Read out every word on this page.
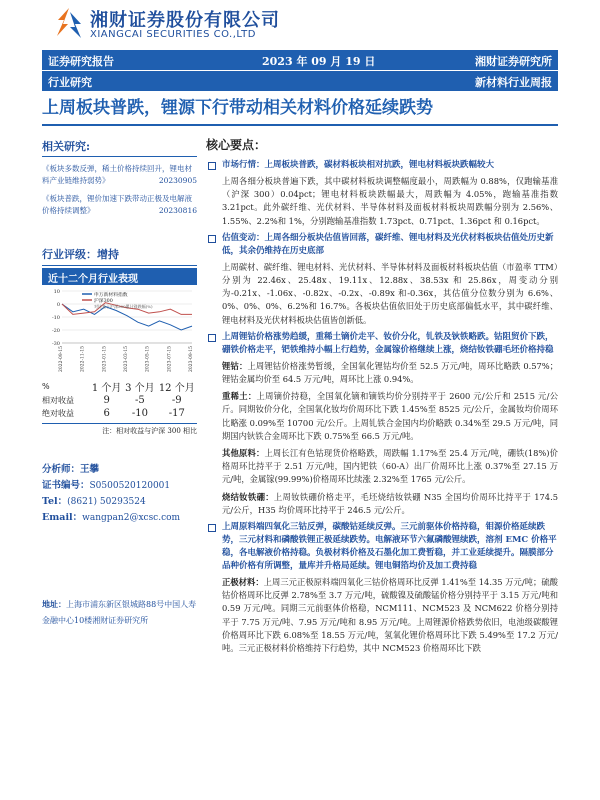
湘财证券股份有限公司
XIANGCAI SECURITIES CO.,LTD
证券研究报告	2023 年 09 月 19 日	湘财证券研究所
行业研究	新材料行业周报
上周板块普跌，锂源下行带动相关材料价格延续跌势
相关研究:
《板块多数反弹，稀土价格持续回升，锂电材料产业链维持弱势》	20230905
《板块普跌，锂价加速下跌带动正极及电解液价格持续调整》	20230816
行业评级：增持
近十二个月行业表现
10
0
-10
-20
-30
2022-09-15	2022-11-15	2023-01-15	2023-03-15	2023-05-15	2023-07-15	2023-09-15
申万新材料指数
沪深300
对比基于沪深300累计涨跌幅(%)
%	1 个月	3 个月	12 个月
相对收益	9	-5	-9
绝对收益	6	-10	-17
注：相对收益与沪深 300 相比
分析师：王攀
证书编号：S0500520120001
Tel：(8621) 50293524
Email：wangpan2@xcsc.com
地址：上海市浦东新区银城路88号中国人寿金融中心10楼湘财证券研究所
核心要点：
市场行情：上周板块普跌，碳材料板块相对抗跌，锂电材料板块跌幅较大
上周各细分板块普遍下跌，其中碳材料板块调整幅度最小，周跌幅为 0.88%，仅跑输基准（沪深 300）0.04pct；锂电材料板块跌幅最大，周跌幅为 4.05%，跑输基准指数 3.21pct。此外碳纤维、光伏材料、半导体材料及面板材料板块周跌幅分别为 2.56%、1.55%、2.2%和 1%，分别跑输基准指数 1.73pct、0.71pct、1.36pct 和 0.16pct。
估值变动：上周各细分板块估值皆回落，碳纤维、锂电材料及光伏材料板块估值处历史新低，其余仍维持在历史底部
上周碳材、碳纤维、锂电材料、光伏材料、半导体材料及面板材料板块估值（市盈率 TTM）分别为 22.46x、25.48x、19.11x、12.88x、38.53x 和 25.86x，周变动分别为-0.21x、-1.06x、-0.82x、-0.2x、-0.89x 和-0.36x，其估值分位数分别为 6.6%、0%、0%、0%、6.2%和 16.7%。各板块估值依旧处于历史底部偏低水平，其中碳纤维、锂电材料及光伏材料板块估值皆创新低。
上周锂钴价格涨势趋缓，重稀土镝价走平、钕价分化，钆铁及钬铁略跌。钴阻贸价下跌，硼铁价格走平，钯铁维持小幅上行趋势，金属镓价格继续上涨，烧结钕铁硼毛坯价格持稳
锂钴：上周锂钴价格涨势暂缓，全国氧化锂钴均价至 52.5 万元/吨，周环比略跌 0.57%；锂钴金属均价至 64.5 万元/吨，周环比上涨 0.94%。
重稀土：上周镝价持稳，全国氧化镝和镝铁均价分别持平于 2600 元/公斤和 2515 元/公斤。同期钕价分化，全国氧化钕均价周环比下跌 1.45%至 8525 元/公斤，金属钕均价周环比略涨 0.09%至 10700 元/公斤。上周钆铁合金国内均价略跌 0.34%至 29.5 万元/吨，同期国内钬铁合金周环比下跌 0.75%至 66.5 万元/吨。
其他原料：上周长江有色钴现货价格略跌，周跌幅 1.17%至 25.4 万元/吨，硼铁(18%)价格周环比持平于 2.51 万元/吨，国内钯铁（60-A）出厂价周环比上涨 0.37%至 27.15 万元/吨，金属镓(99.99%)价格周环比续涨 2.32%至 1765 元/公斤。
烧结钕铁硼：上周钕铁硼价格走平，毛坯烧结钕铁硼 N35 全国均价周环比持平于 174.5 元/公斤，H35 均价周环比持平于 246.5 元/公斤。
上周原料端四氧化三钴反弹，碳酸钴延续反弹。三元前驱体价格持稳，钼源价格延续跌势，三元材料和磷酸铁锂正极延续跌势。电解液环节六氟磷酸锂续跌，溶剂 EMC 价格平稳，各电解液价格持稳。负极材料价格及石墨化加工费暂稳，并工业延续提升。隔膜部分品种价格有所调整，量库并升格局延续。锂电铜箔均价及加工费持稳
正极材料：上周三元正极原料端四氧化三钴价格周环比反弹 1.41%至 14.35 万元/吨；硫酸钴价格周环比反弹 2.78%至 3.7 万元/吨，硫酸镍及硫酸锰价格分别持平于 3.15 万元/吨和 0.59 万元/吨。同期三元前驱体价格稳，NCM111、NCM523 及 NCM622 价格分别持平于 7.75 万元/吨、7.95 万元/吨和 8.95 万元/吨。上周锂源价格跌势依旧，电池级碳酸锂价格周环比下跌 6.08%至 18.55 万元/吨，氢氧化锂价格周环比下跌 5.49%至 17.2 万元/吨。三元正极材料价格维持下行趋势，其中 NCM523 价格周环比下跌
